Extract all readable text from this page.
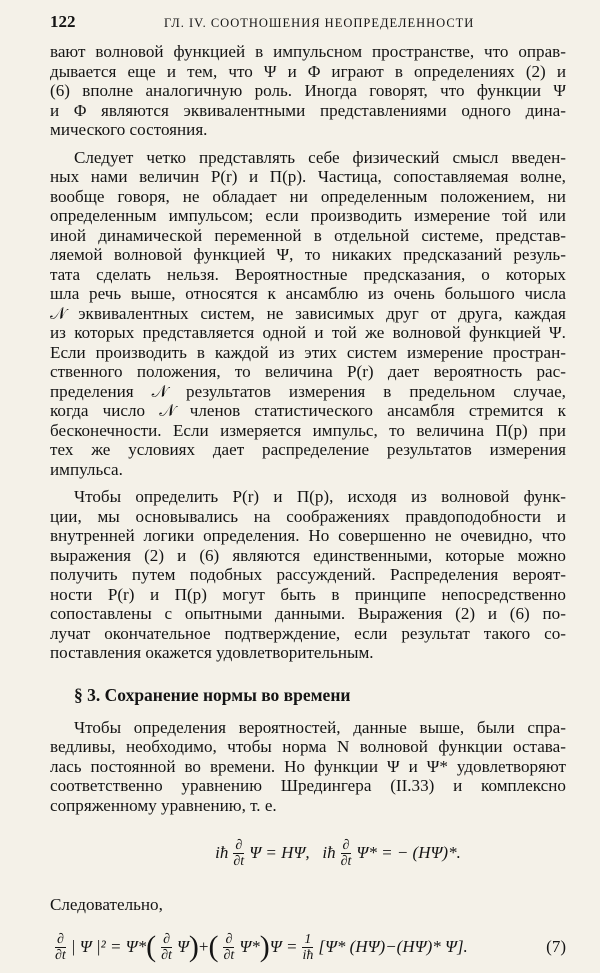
122	ГЛ. IV. СООТНОШЕНИЯ НЕОПРЕДЕЛЕННОСТИ
вают волновой функцией в импульсном пространстве, что оправ-
дывается еще и тем, что Ψ и Φ играют в определениях (2) и
(6) вполне аналогичную роль. Иногда говорят, что функции Ψ
и Φ являются эквивалентными представлениями одного дина-
мического состояния.
Следует четко представлять себе физический смысл введен-
ных нами величин P(r) и Π(p). Частица, сопоставляемая волне,
вообще говоря, не обладает ни определенным положением, ни
определенным импульсом; если производить измерение той или
иной динамической переменной в отдельной системе, представ-
ляемой волновой функцией Ψ, то никаких предсказаний резуль-
тата сделать нельзя. Вероятностные предсказания, о которых
шла речь выше, относятся к ансамблю из очень большого числа
𝒩 эквивалентных систем, не зависимых друг от друга, каждая
из которых представляется одной и той же волновой функцией Ψ.
Если производить в каждой из этих систем измерение простран-
ственного положения, то величина P(r) дает вероятность рас-
пределения 𝒩 результатов измерения в предельном случае,
когда число 𝒩 членов статистического ансамбля стремится к
бесконечности. Если измеряется импульс, то величина Π(p) при
тех же условиях дает распределение результатов измерения
импульса.
Чтобы определить P(r) и Π(p), исходя из волновой функ-
ции, мы основывались на соображениях правдоподобности и
внутренней логики определения. Но совершенно не очевидно, что
выражения (2) и (6) являются единственными, которые можно
получить путем подобных рассуждений. Распределения вероят-
ности P(r) и Π(p) могут быть в принципе непосредственно
сопоставлены с опытными данными. Выражения (2) и (6) по-
лучат окончательное подтверждение, если результат такого со-
поставления окажется удовлетворительным.
§ 3. Сохранение нормы во времени
Чтобы определения вероятностей, данные выше, были спра-
ведливы, необходимо, чтобы норма N волновой функции остава-
лась постоянной во времени. Но функции Ψ и Ψ* удовлетворяют
соответственно уравнению Шредингера (II.33) и комплексно
сопряженному уравнению, т. е.
iħ $\frac{\partial}{\partial t}$ Ψ = HΨ,   iħ $\frac{\partial}{\partial t} \Psi*$ = − (HΨ)*.
Следовательно,
$\frac{\partial}{\partial t}$ | Ψ |² = Ψ* ( $\frac{\partial}{\partial t}$ Ψ ) + ( $\frac{\partial}{\partial t} \Psi*$ ) $\Psi = \frac{1}{iħ} [\Psi*$ (HΨ)−(HΨ)* Ψ].	(7)
